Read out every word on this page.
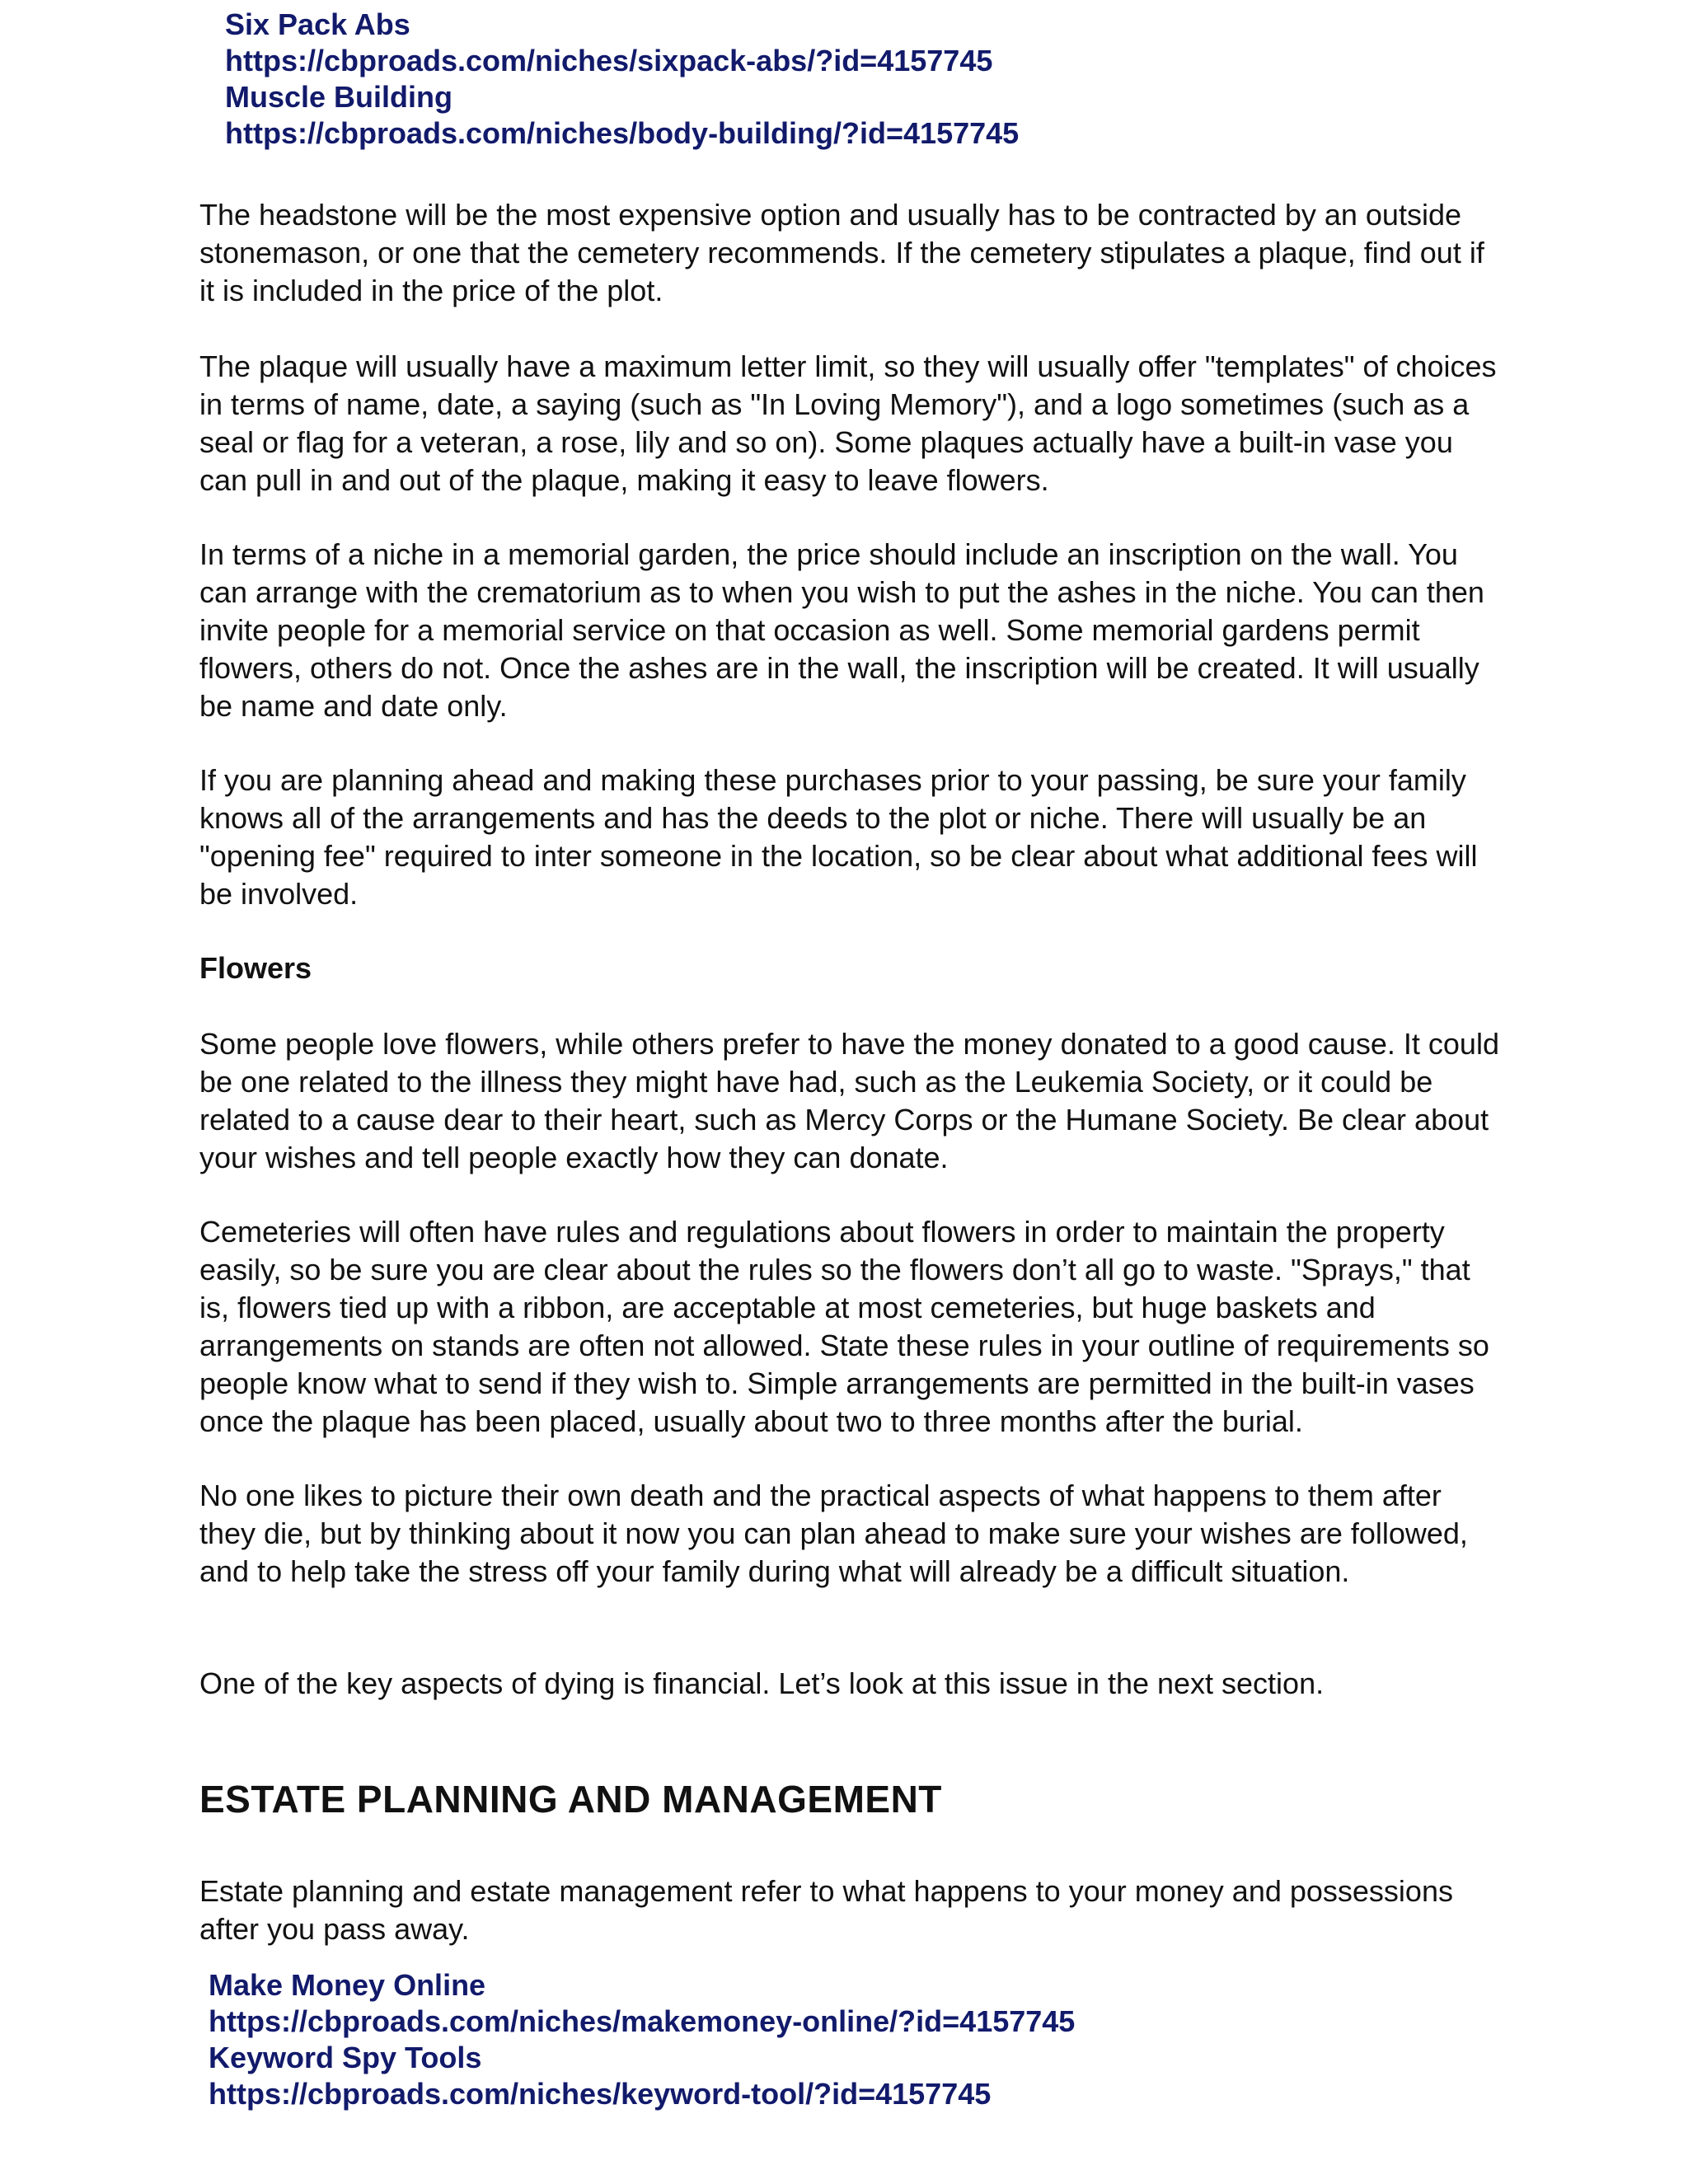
Six Pack Abs
https://cbproads.com/niches/sixpack-abs/?id=4157745
Muscle Building
https://cbproads.com/niches/body-building/?id=4157745

The headstone will be the most expensive option and usually has to be contracted by an outside stonemason, or one that the cemetery recommends. If the cemetery stipulates a plaque, find out if it is included in the price of the plot.

The plaque will usually have a maximum letter limit, so they will usually offer "templates" of choices in terms of name, date, a saying (such as "In Loving Memory"), and a logo sometimes (such as a seal or flag for a veteran, a rose, lily and so on). Some plaques actually have a built-in vase you can pull in and out of the plaque, making it easy to leave flowers.

In terms of a niche in a memorial garden, the price should include an inscription on the wall. You can arrange with the crematorium as to when you wish to put the ashes in the niche. You can then invite people for a memorial service on that occasion as well. Some memorial gardens permit flowers, others do not. Once the ashes are in the wall, the inscription will be created. It will usually be name and date only.

If you are planning ahead and making these purchases prior to your passing, be sure your family knows all of the arrangements and has the deeds to the plot or niche. There will usually be an "opening fee" required to inter someone in the location, so be clear about what additional fees will be involved.

Flowers

Some people love flowers, while others prefer to have the money donated to a good cause. It could be one related to the illness they might have had, such as the Leukemia Society, or it could be related to a cause dear to their heart, such as Mercy Corps or the Humane Society. Be clear about your wishes and tell people exactly how they can donate.

Cemeteries will often have rules and regulations about flowers in order to maintain the property easily, so be sure you are clear about the rules so the flowers don’t all go to waste. "Sprays," that is, flowers tied up with a ribbon, are acceptable at most cemeteries, but huge baskets and arrangements on stands are often not allowed. State these rules in your outline of requirements so people know what to send if they wish to. Simple arrangements are permitted in the built-in vases once the plaque has been placed, usually about two to three months after the burial.

No one likes to picture their own death and the practical aspects of what happens to them after they die, but by thinking about it now you can plan ahead to make sure your wishes are followed, and to help take the stress off your family during what will already be a difficult situation.

One of the key aspects of dying is financial. Let’s look at this issue in the next section.

ESTATE PLANNING AND MANAGEMENT

Estate planning and estate management refer to what happens to your money and possessions after you pass away.

Make Money Online
https://cbproads.com/niches/makemoney-online/?id=4157745
Keyword Spy Tools
https://cbproads.com/niches/keyword-tool/?id=4157745
